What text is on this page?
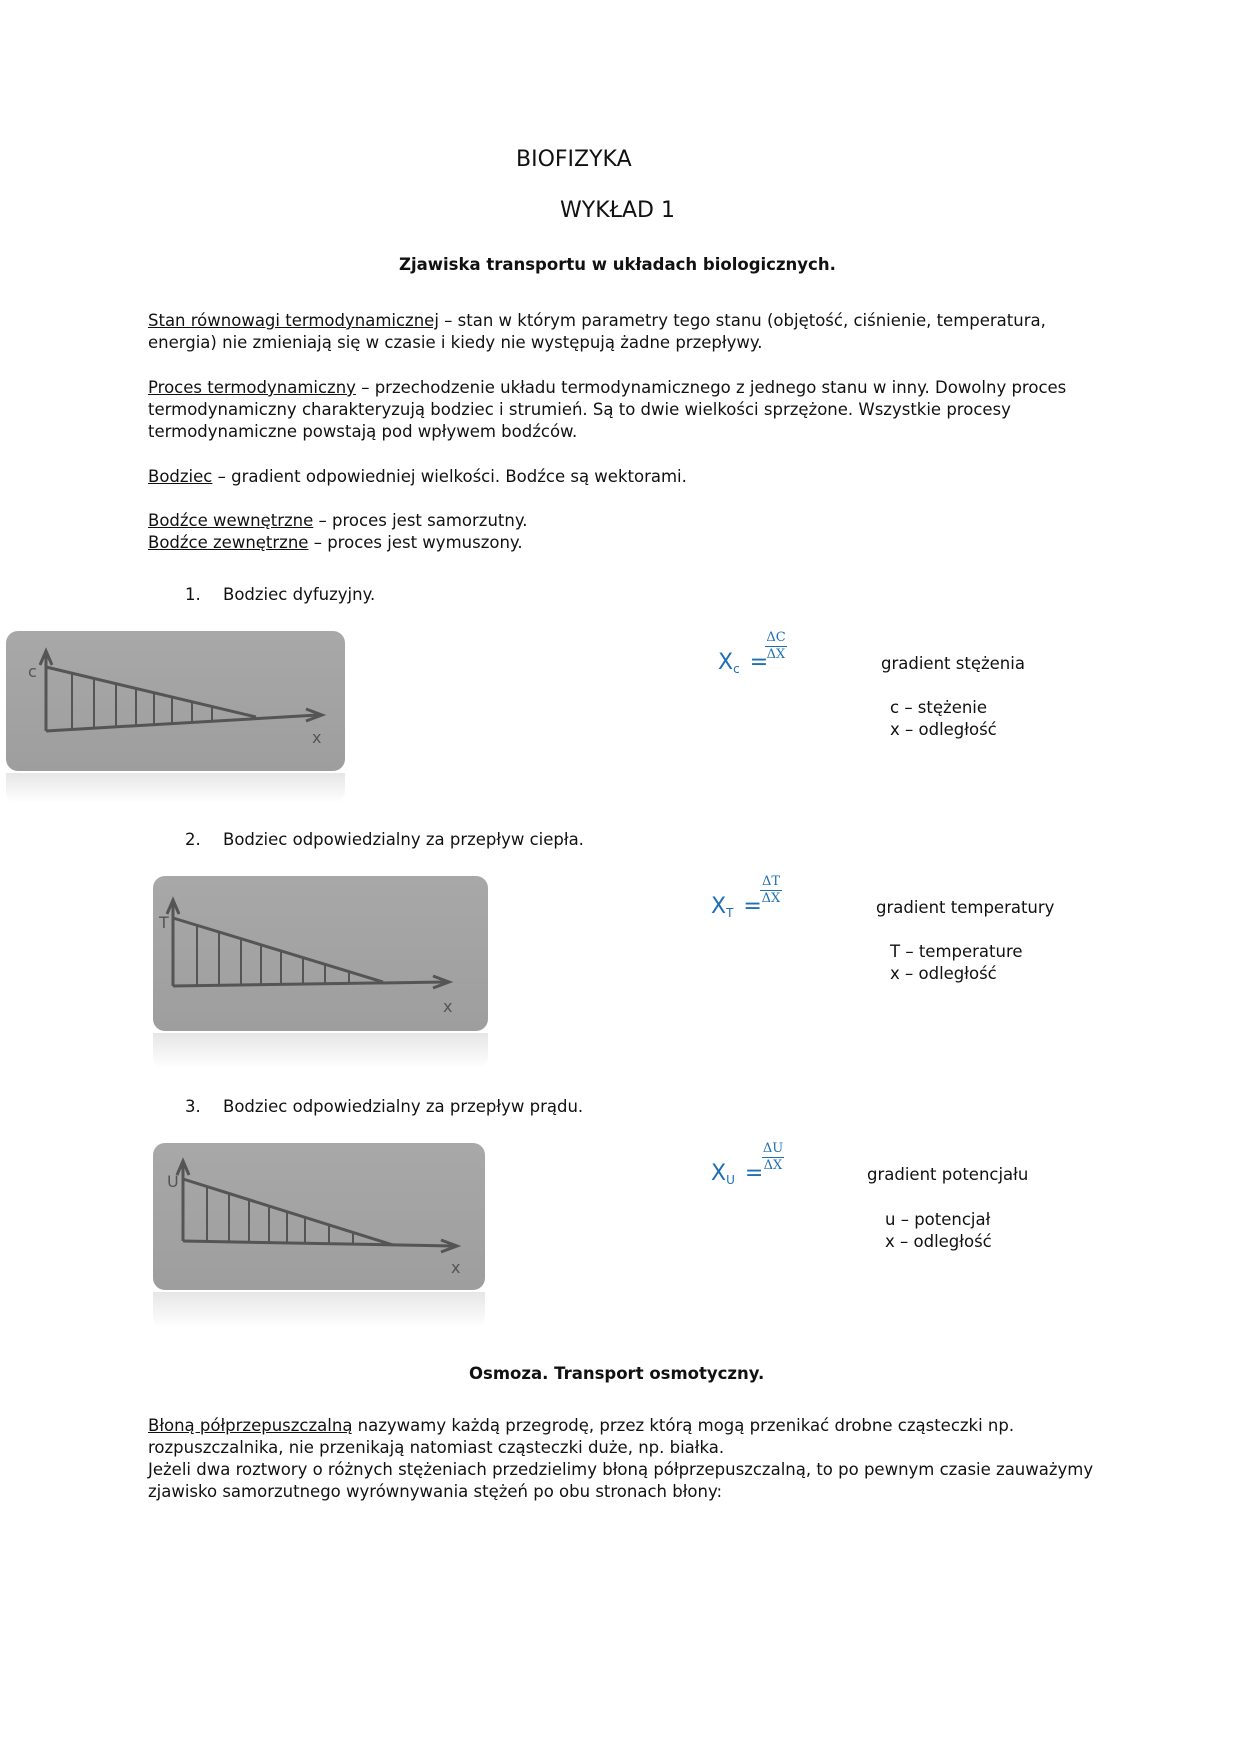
BIOFIZYKA
WYKŁAD 1
Zjawiska transportu w układach biologicznych.

Stan równowagi termodynamicznej – stan w którym parametry tego stanu (objętość, ciśnienie, temperatura, energia) nie zmieniają się w czasie i kiedy nie występują żadne przepływy.

Proces termodynamiczny – przechodzenie układu termodynamicznego z jednego stanu w inny. Dowolny proces termodynamiczny charakteryzują bodziec i strumień. Są to dwie wielkości sprzężone. Wszystkie procesy termodynamiczne powstają pod wpływem bodźców.

Bodziec – gradient odpowiedniej wielkości. Bodźce są wektorami.

Bodźce wewnętrzne – proces jest samorzutny.

Bodźce zewnętrzne – proces jest wymuszony.

1. Bodziec dyfuzyjny.
c
x
$X_c$ =
$\frac{\Delta C}{\Delta X}$
gradient stężenia
c – stężenie
x – odległość
2. Bodziec odpowiedzialny za przepływ ciepła.
T
x
$X_T$ =
$\frac{\Delta T}{\Delta X}$
gradient temperatury
T – temperature
x – odległość
3. Bodziec odpowiedzialny za przepływ prądu.
U
x
$X_U$ =
$\frac{\Delta U}{\Delta X}$
gradient potencjału
u – potencjał
x – odległość
Osmoza. Transport osmotyczny.

Błoną półprzepuszczalną nazywamy każdą przegrodę, przez którą mogą przenikać drobne cząsteczki np. rozpuszczalnika, nie przenikają natomiast cząsteczki duże, np. białka.

Jeżeli dwa roztwory o różnych stężeniach przedzielimy błoną półprzepuszczalną, to po pewnym czasie zauważymy zjawisko samorzutnego wyrównywania stężeń po obu stronach błony:
